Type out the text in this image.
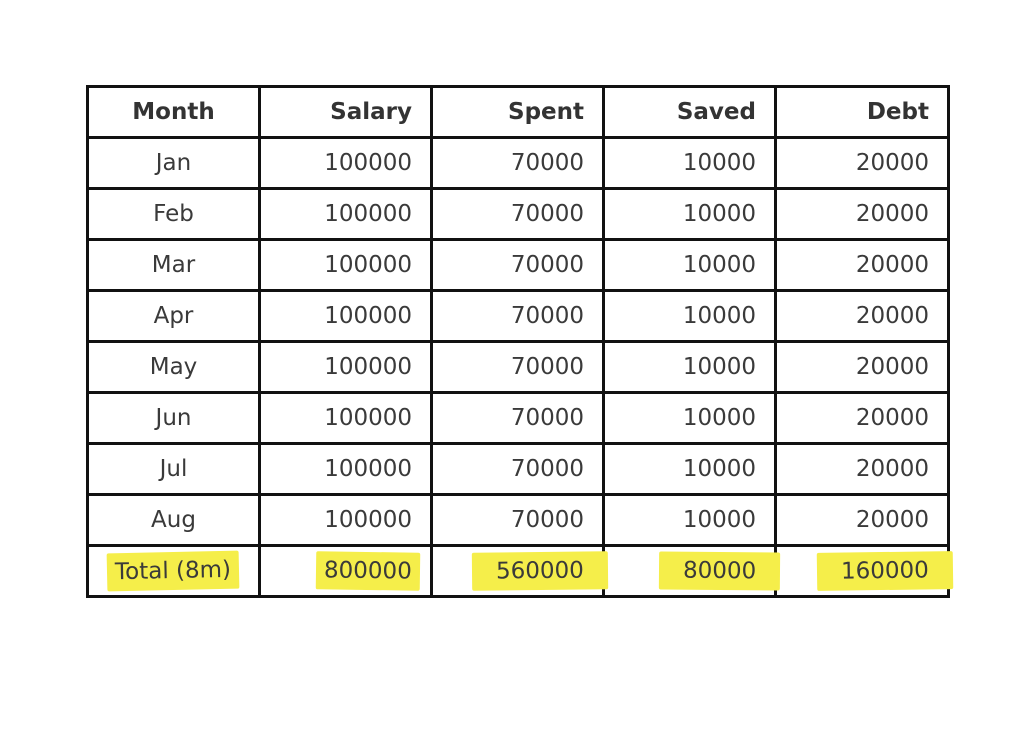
Month	Salary	Spent	Saved	Debt
Jan	100000	70000	10000	20000
Feb	100000	70000	10000	20000
Mar	100000	70000	10000	20000
Apr	100000	70000	10000	20000
May	100000	70000	10000	20000
Jun	100000	70000	10000	20000
Jul	100000	70000	10000	20000
Aug	100000	70000	10000	20000
Total (8m)	800000	560000	80000	160000
